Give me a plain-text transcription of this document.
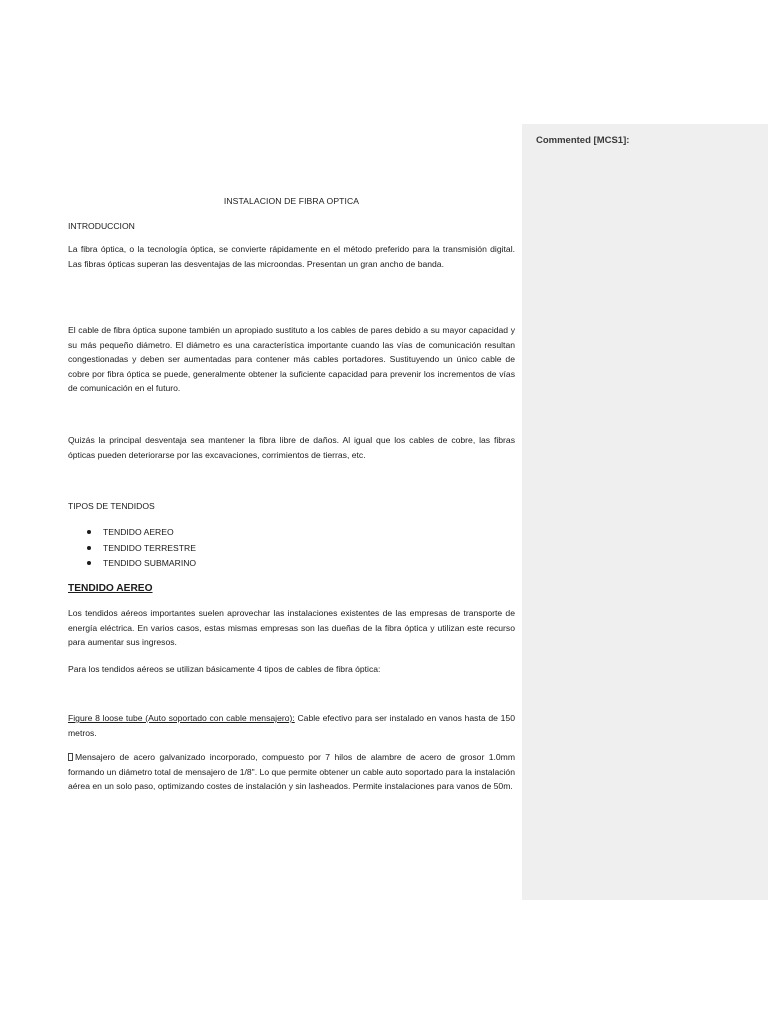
Commented [MCS1]:

INSTALACION DE FIBRA OPTICA

INTRODUCCION

La fibra óptica, o la tecnología óptica, se convierte rápidamente en el método preferido para la transmisión digital. Las fibras ópticas superan las desventajas de las microondas. Presentan un gran ancho de banda.

El cable de fibra óptica supone también un apropiado sustituto a los cables de pares debido a su mayor capacidad y su más pequeño diámetro. El diámetro es una característica importante cuando las vías de comunicación resultan congestionadas y deben ser aumentadas para contener más cables portadores. Sustituyendo un único cable de cobre por fibra óptica se puede, generalmente obtener la suficiente capacidad para prevenir los incrementos de vías de comunicación en el futuro.

Quizás la principal desventaja sea mantener la fibra libre de daños. Al igual que los cables de cobre, las fibras ópticas pueden deteriorarse por las excavaciones, corrimientos de tierras, etc.

TIPOS DE TENDIDOS

TENDIDO AEREO
TENDIDO TERRESTRE
TENDIDO SUBMARINO

TENDIDO AEREO

Los tendidos aéreos importantes suelen aprovechar las instalaciones existentes de las empresas de transporte de energía eléctrica. En varios casos, estas mismas empresas son las dueñas de la fibra óptica y utilizan este recurso para aumentar sus ingresos.

Para los tendidos aéreos se utilizan básicamente 4 tipos de cables de fibra óptica:

Figure 8 loose tube (Auto soportado con cable mensajero): Cable efectivo para ser instalado en vanos hasta de 150 metros.

Mensajero de acero galvanizado incorporado, compuesto por 7 hilos de alambre de acero de grosor 1.0mm formando un diámetro total de mensajero de 1/8". Lo que permite obtener un cable auto soportado para la instalación aérea en un solo paso, optimizando costes de instalación y sin lasheados. Permite instalaciones para vanos de 50m.
